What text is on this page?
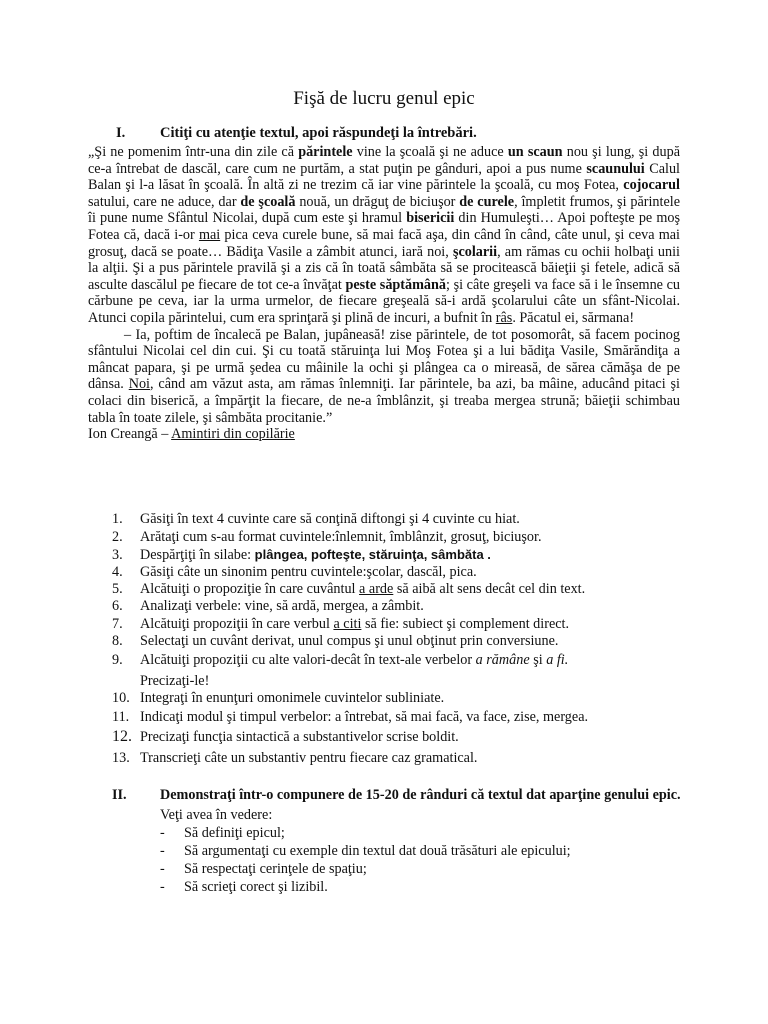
Fişă de lucru genul epic
I. Citiţi cu atenţie textul, apoi răspundeţi la întrebări.

„Şi ne pomenim într-una din zile că părintele vine la şcoală şi ne aduce un scaun nou şi lung, şi după ce-a întrebat de dascăl, care cum ne purtăm, a stat puţin pe gânduri, apoi a pus nume scaunului Calul Balan şi l-a lăsat în şcoală. În altă zi ne trezim că iar vine părintele la şcoală, cu moş Fotea, cojocarul satului, care ne aduce, dar de şcoală nouă, un drăguţ de biciuşor de curele, împletit frumos, şi părintele îi pune nume Sfântul Nicolai, după cum este şi hramul bisericii din Humuleşti… Apoi pofteşte pe moş Fotea că, dacă i-or mai pica ceva curele bune, să mai facă aşa, din când în când, câte unul, şi ceva mai grosuţ, dacă se poate… Bădiţa Vasile a zâmbit atunci, iară noi, şcolarii, am rămas cu ochii holbaţi unii la alţii. Şi a pus părintele pravilă şi a zis că în toată sâmbăta să se procitească băieţii şi fetele, adică să asculte dascălul pe fiecare de tot ce-a învăţat peste săptămână; şi câte greşeli va face să i le însemne cu cărbune pe ceva, iar la urma urmelor, de fiecare greşeală să-i ardă şcolarului câte un sfânt-Nicolai. Atunci copila părintelui, cum era sprinţară şi plină de incuri, a bufnit în râs. Păcatul ei, sărmana!

– Ia, poftim de încalecă pe Balan, jupâneasă! zise părintele, de tot posomorât, să facem pocinog sfântului Nicolai cel din cui. Şi cu toată stăruinţa lui Moş Fotea şi a lui bădiţa Vasile, Smărăndiţa a mâncat papara, şi pe urmă şedea cu mâinile la ochi şi plângea ca o mireasă, de sărea cămăşa de pe dânsa. Noi, când am văzut asta, am rămas înlemniţi. Iar părintele, ba azi, ba mâine, aducând pitaci şi colaci din biserică, a împărţit la fiecare, de ne-a îmblânzit, şi treaba mergea strună; băieţii schimbau tabla în toate zilele, şi sâmbăta procitanie.”

Ion Creangă – Amintiri din copilărie

1. Găsiţi în text 4 cuvinte care să conţină diftongi şi 4 cuvinte cu hiat.
2. Arătaţi cum s-au format cuvintele:înlemnit, îmblânzit, grosuţ, biciuşor.
3. Despărţiţi în silabe: plângea, pofteşte, stăruinţa, sâmbăta .
4. Găsiţi câte un sinonim pentru cuvintele:şcolar, dascăl, pica.
5. Alcătuiţi o propoziţie în care cuvântul a arde să aibă alt sens decât cel din text.
6. Analizaţi verbele: vine, să ardă, mergea, a zâmbit.
7. Alcătuiţi propoziţii în care verbul a citi să fie: subiect şi complement direct.
8. Selectaţi un cuvânt derivat, unul compus şi unul obţinut prin conversiune.
9. Alcătuiţi propoziţii cu alte valori-decât în text-ale verbelor a rămâne şi a fi.
Precizaţi-le!
10. Integraţi în enunţuri omonimele cuvintelor subliniate.
11. Indicaţi modul şi timpul verbelor: a întrebat, să mai facă, va face, zise, mergea.
12. Precizaţi funcţia sintactică a substantivelor scrise boldit.
13. Transcrieţi câte un substantiv pentru fiecare caz gramatical.
II. Demonstraţi într-o compunere de 15-20 de rânduri că textul dat aparţine genului epic.
Veţi avea în vedere:
- Să definiţi epicul;
- Să argumentaţi cu exemple din textul dat două trăsături ale epicului;
- Să respectaţi cerinţele de spaţiu;
- Să scrieţi corect şi lizibil.
